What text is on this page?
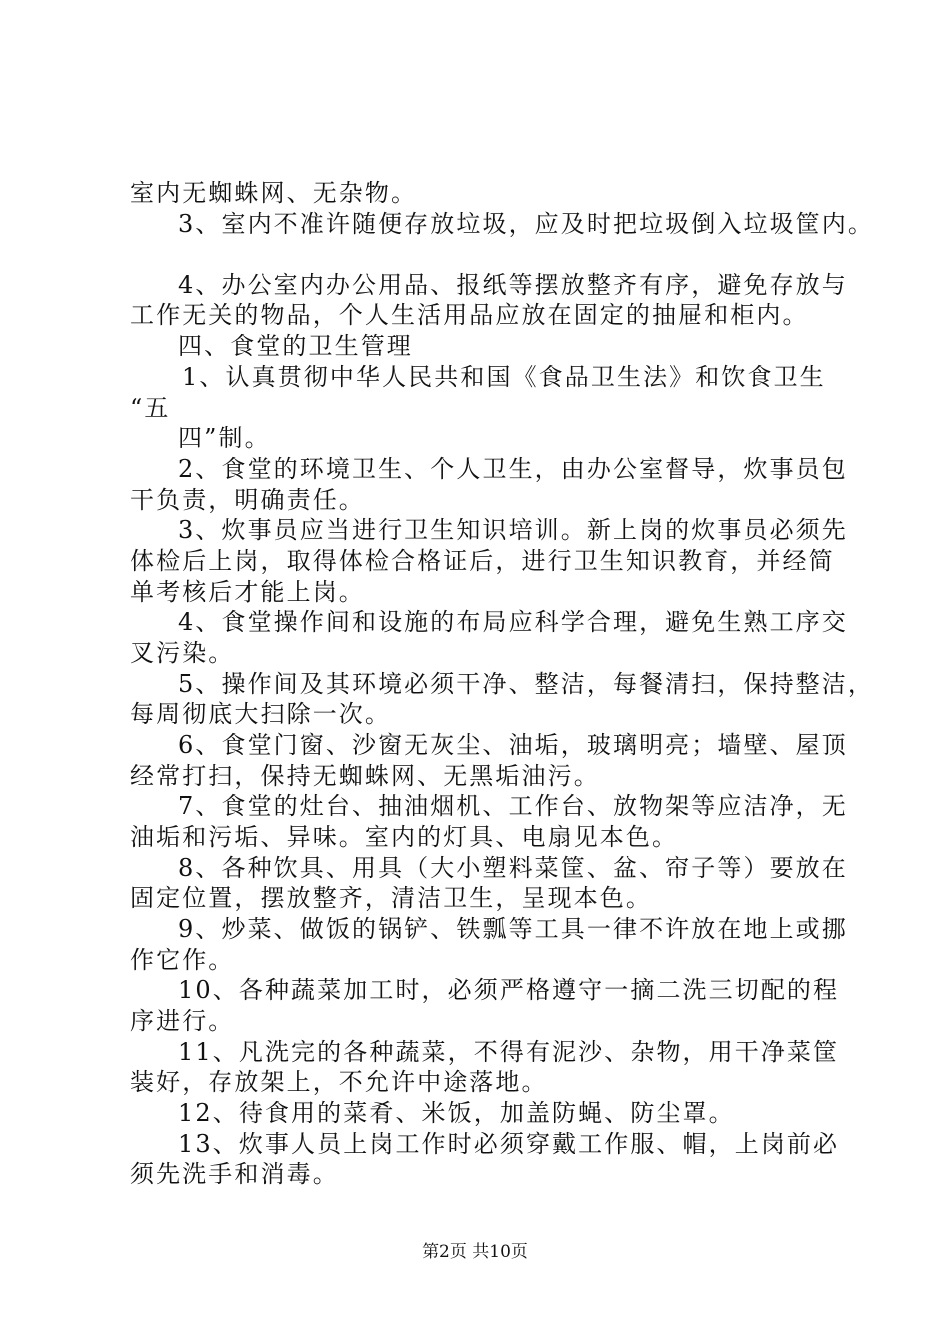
室内无蜘蛛网、无杂物。
3、室内不准许随便存放垃圾，应及时把垃圾倒入垃圾筐内。
4、办公室内办公用品、报纸等摆放整齐有序，避免存放与
工作无关的物品，个人生活用品应放在固定的抽屉和柜内。
四、食堂的卫生管理
1、认真贯彻中华人民共和国《食品卫生法》和饮食卫生
“五
四”制。
2、食堂的环境卫生、个人卫生，由办公室督导，炊事员包
干负责，明确责任。
3、炊事员应当进行卫生知识培训。新上岗的炊事员必须先
体检后上岗，取得体检合格证后，进行卫生知识教育，并经简
单考核后才能上岗。
4、食堂操作间和设施的布局应科学合理，避免生熟工序交
叉污染。
5、操作间及其环境必须干净、整洁，每餐清扫，保持整洁，
每周彻底大扫除一次。
6、食堂门窗、沙窗无灰尘、油垢，玻璃明亮；墙壁、屋顶
经常打扫，保持无蜘蛛网、无黑垢油污。
7、食堂的灶台、抽油烟机、工作台、放物架等应洁净，无
油垢和污垢、异味。室内的灯具、电扇见本色。
8、各种饮具、用具（大小塑料菜筐、盆、帘子等）要放在
固定位置，摆放整齐，清洁卫生，呈现本色。
9、炒菜、做饭的锅铲、铁瓢等工具一律不许放在地上或挪
作它作。
10、各种蔬菜加工时，必须严格遵守一摘二洗三切配的程
序进行。
11、凡洗完的各种蔬菜，不得有泥沙、杂物，用干净菜筐
装好，存放架上，不允许中途落地。
12、待食用的菜肴、米饭，加盖防蝇、防尘罩。
13、炊事人员上岗工作时必须穿戴工作服、帽，上岗前必
须先洗手和消毒。
第2页 共10页
